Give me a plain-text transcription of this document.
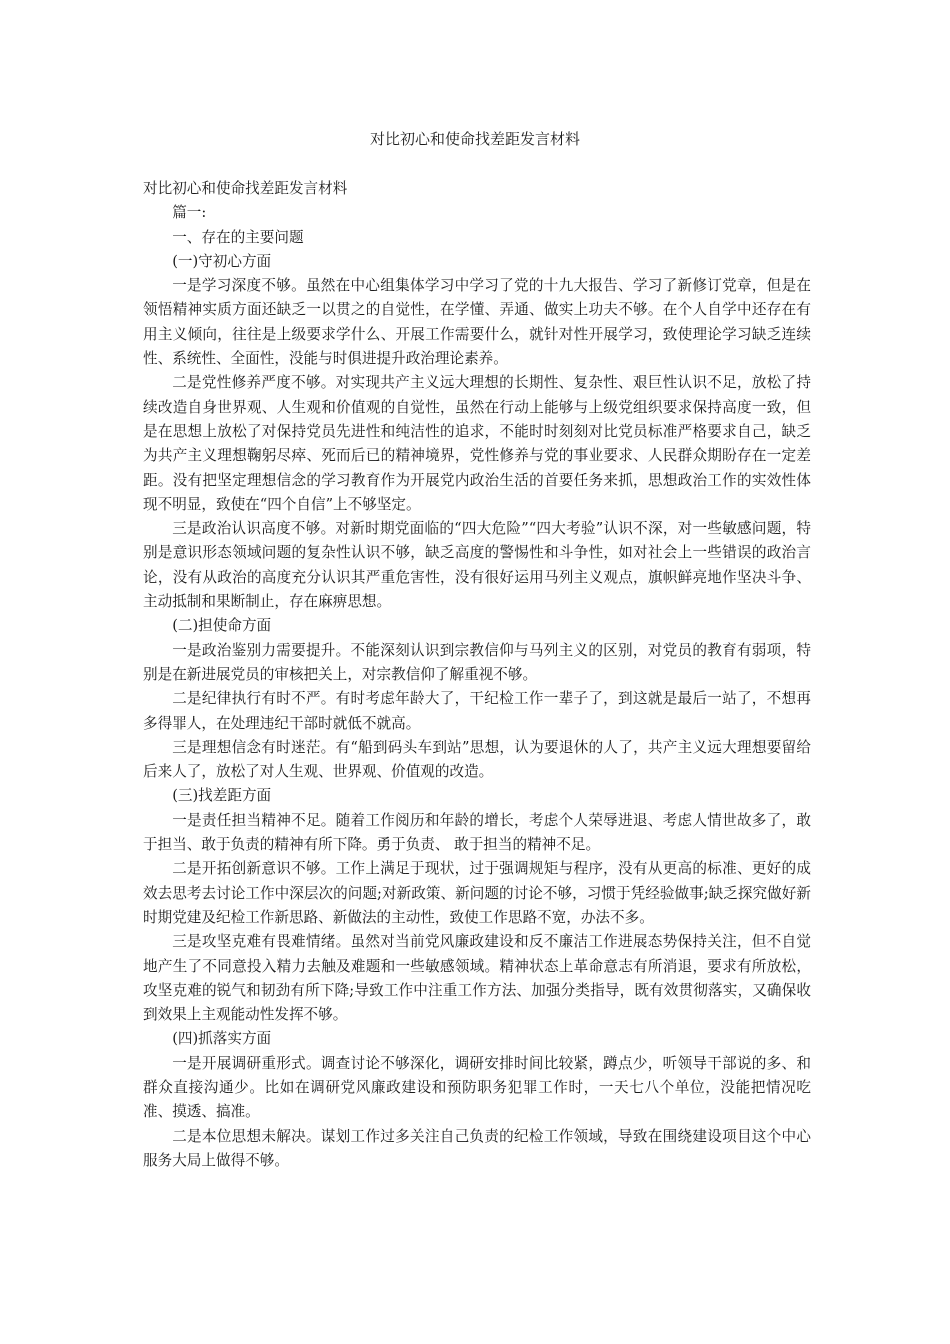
对比初心和使命找差距发言材料

对比初心和使命找差距发言材料

篇一:

一、存在的主要问题

(一)守初心方面

一是学习深度不够。虽然在中心组集体学习中学习了党的十九大报告、学习了新修订党章，但是在领悟精神实质方面还缺乏一以贯之的自觉性，在学懂、弄通、做实上功夫不够。在个人自学中还存在有用主义倾向，往往是上级要求学什么、开展工作需要什么，就针对性开展学习，致使理论学习缺乏连续性、系统性、全面性，没能与时俱进提升政治理论素养。

二是党性修养严度不够。对实现共产主义远大理想的长期性、复杂性、艰巨性认识不足，放松了持续改造自身世界观、人生观和价值观的自觉性，虽然在行动上能够与上级党组织要求保持高度一致，但是在思想上放松了对保持党员先进性和纯洁性的追求，不能时时刻刻对比党员标准严格要求自己，缺乏为共产主义理想鞠躬尽瘁、死而后已的精神境界，党性修养与党的事业要求、人民群众期盼存在一定差距。没有把坚定理想信念的学习教育作为开展党内政治生活的首要任务来抓，思想政治工作的实效性体现不明显，致使在“四个自信”上不够坚定。

三是政治认识高度不够。对新时期党面临的“四大危险”“四大考验”认识不深，对一些敏感问题，特别是意识形态领域问题的复杂性认识不够，缺乏高度的警惕性和斗争性，如对社会上一些错误的政治言论，没有从政治的高度充分认识其严重危害性，没有很好运用马列主义观点，旗帜鲜亮地作坚决斗争、主动抵制和果断制止，存在麻痹思想。

(二)担使命方面

一是政治鉴别力需要提升。不能深刻认识到宗教信仰与马列主义的区别，对党员的教育有弱项，特别是在新进展党员的审核把关上，对宗教信仰了解重视不够。

二是纪律执行有时不严。有时考虑年龄大了，干纪检工作一辈子了，到这就是最后一站了，不想再多得罪人，在处理违纪干部时就低不就高。

三是理想信念有时迷茫。有“船到码头车到站”思想，认为要退休的人了，共产主义远大理想要留给后来人了，放松了对人生观、世界观、价值观的改造。

(三)找差距方面

一是责任担当精神不足。随着工作阅历和年龄的增长，考虑个人荣辱进退、考虑人情世故多了，敢于担当、敢于负责的精神有所下降。勇于负责、 敢于担当的精神不足。

二是开拓创新意识不够。工作上满足于现状，过于强调规矩与程序，没有从更高的标准、更好的成效去思考去讨论工作中深层次的问题;对新政策、新问题的讨论不够，习惯于凭经验做事;缺乏探究做好新时期党建及纪检工作新思路、新做法的主动性，致使工作思路不宽，办法不多。

三是攻坚克难有畏难情绪。虽然对当前党风廉政建设和反不廉洁工作进展态势保持关注，但不自觉地产生了不同意投入精力去触及难题和一些敏感领域。精神状态上革命意志有所消退，要求有所放松，攻坚克难的锐气和韧劲有所下降;导致工作中注重工作方法、加强分类指导，既有效贯彻落实，又确保收到效果上主观能动性发挥不够。

(四)抓落实方面

一是开展调研重形式。调查讨论不够深化，调研安排时间比较紧，蹲点少，听领导干部说的多、和群众直接沟通少。比如在调研党风廉政建设和预防职务犯罪工作时，一天七八个单位，没能把情况吃准、摸透、搞准。

二是本位思想未解决。谋划工作过多关注自己负责的纪检工作领域，导致在围绕建设项目这个中心服务大局上做得不够。
